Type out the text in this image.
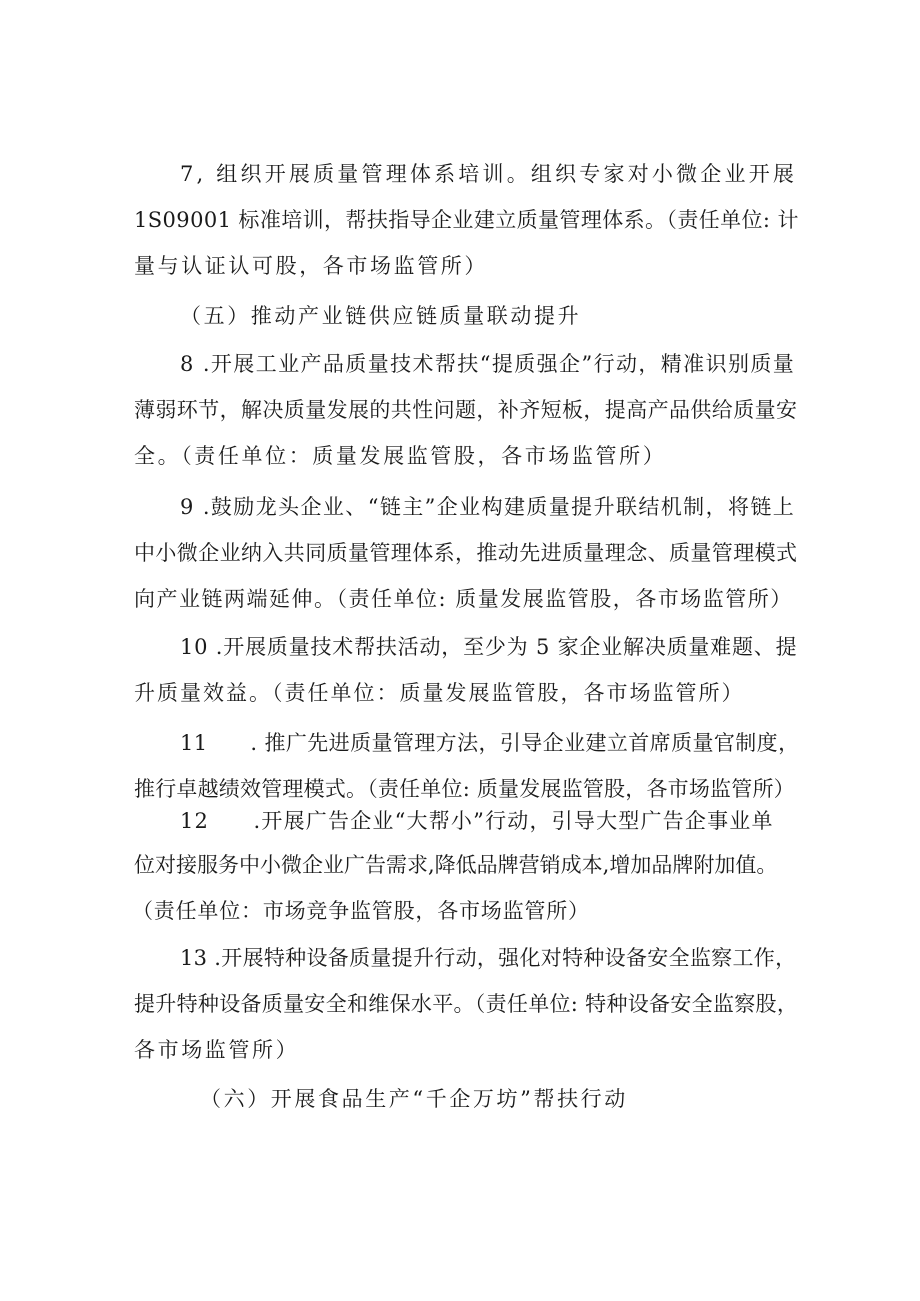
7, 组织开展质量管理体系培训。组织专家对小微企业开展
1S09001 标准培训，帮扶指导企业建立质量管理体系。（责任单位: 计
量与认证认可股，各市场监管所）
（五）推动产业链供应链质量联动提升
8 .开展工业产品质量技术帮扶“提质强企”行动，精准识别质量
薄弱环节，解决质量发展的共性问题，补齐短板，提高产品供给质量安
全。（责任单位：质量发展监管股，各市场监管所）
9 .鼓励龙头企业、“链主”企业构建质量提升联结机制，将链上
中小微企业纳入共同质量管理体系，推动先进质量理念、质量管理模式
向产业链两端延伸。（责任单位: 质量发展监管股，各市场监管所）
10 .开展质量技术帮扶活动，至少为 5 家企业解决质量难题、提
升质量效益。（责任单位：质量发展监管股，各市场监管所）
11　　. 推广先进质量管理方法，引导企业建立首席质量官制度，
推行卓越绩效管理模式。（责任单位: 质量发展监管股，各市场监管所）
12　　.开展广告企业“大帮小”行动，引导大型广告企事业单
位对接服务中小微企业广告需求,降低品牌营销成本,增加品牌附加值。
（责任单位：市场竞争监管股，各市场监管所）
13 .开展特种设备质量提升行动，强化对特种设备安全监察工作，
提升特种设备质量安全和维保水平。（责任单位: 特种设备安全监察股，
各市场监管所）
（六）开展食品生产“千企万坊”帮扶行动
